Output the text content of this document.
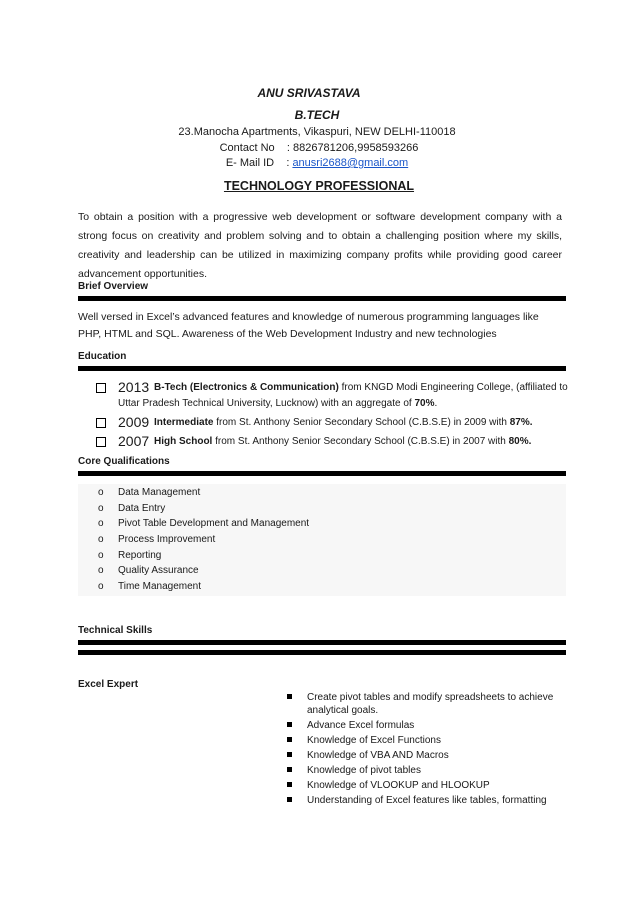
ANU SRIVASTAVA
B.TECH
23.Manocha Apartments, Vikaspuri, NEW DELHI-110018
Contact No    : 8826781206,9958593266
E- Mail ID    : anusri2688@gmail.com
TECHNOLOGY PROFESSIONAL
To obtain a position with a progressive web development or software development company with a strong focus on creativity and problem solving and to obtain a challenging position where my skills, creativity and leadership can be utilized in maximizing company profits while providing good career advancement opportunities.
Brief Overview
Well versed in Excel’s advanced features and knowledge of numerous programming languages like PHP, HTML and SQL. Awareness of the Web Development Industry and new technologies
Education
2013 B-Tech (Electronics & Communication) from KNGD Modi Engineering College, (affiliated to
Uttar Pradesh Technical University, Lucknow) with an aggregate of 70%.
2009 Intermediate from St. Anthony Senior Secondary School (C.B.S.E) in 2009 with 87%.
2007 High School from St. Anthony Senior Secondary School (C.B.S.E) in 2007 with 80%.
Core Qualifications
o Data Management
o Data Entry
o Pivot Table Development and Management
o Process Improvement
o Reporting
o Quality Assurance
o Time Management
Technical Skills
Excel Expert
Create pivot tables and modify spreadsheets to achieve analytical goals.
Advance Excel formulas
Knowledge of Excel Functions
Knowledge of VBA AND Macros
Knowledge of pivot tables
Knowledge of VLOOKUP and HLOOKUP
Understanding of Excel features like tables, formatting
